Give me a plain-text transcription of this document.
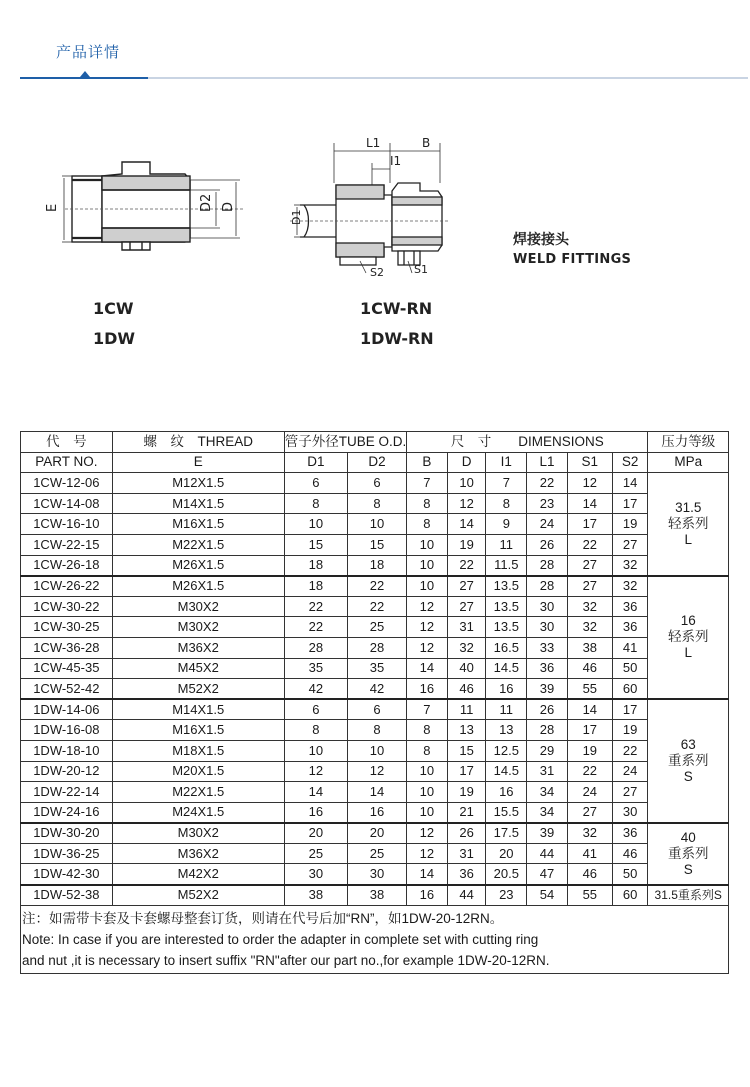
产品详情
E	D2 D
L1	B
I1
D1
S2	S1
1CW
1DW
1CW-RN
1DW-RN
焊接接头
WELD FITTINGS
代　号	螺　纹　THREAD	管子外径TUBE O.D.		尺　寸　　DIMENSIONS						压力等级
PART NO.	E	D1	D2	B	D	I1	L1	S1	S2	MPa
1CW-12-06	M12X1.5	6	6	7	10	7	22	12	14	31.5
轻系列
L

1CW-14-08	M14X1.5	8	8	8	12	8	23	14	17	
1CW-16-10	M16X1.5	10	10	8	14	9	24	17	19	
1CW-22-15	M22X1.5	15	15	10	19	11	26	22	27	
1CW-26-18	M26X1.5	18	18	10	22	11.5	28	27	32	
1CW-26-22	M26X1.5	18	22	10	27	13.5	28	27	32	16
轻系列
L

1CW-30-22	M30X2	22	22	12	27	13.5	30	32	36	
1CW-30-25	M30X2	22	25	12	31	13.5	30	32	36	
1CW-36-28	M36X2	28	28	12	32	16.5	33	38	41	
1CW-45-35	M45X2	35	35	14	40	14.5	36	46	50	
1CW-52-42	M52X2	42	42	16	46	16	39	55	60	
1DW-14-06	M14X1.5	6	6	7	11	11	26	14	17	63
重系列
S

1DW-16-08	M16X1.5	8	8	8	13	13	28	17	19	
1DW-18-10	M18X1.5	10	10	8	15	12.5	29	19	22	
1DW-20-12	M20X1.5	12	12	10	17	14.5	31	22	24	
1DW-22-14	M22X1.5	14	14	10	19	16	34	24	27	
1DW-24-16	M24X1.5	16	16	10	21	15.5	34	27	30	
1DW-30-20	M30X2	20	20	12	26	17.5	39	32	36	40
重系列
S

1DW-36-25	M36X2	25	25	12	31	20	44	41	46	
1DW-42-30	M42X2	30	30	14	36	20.5	47	46	50	
1DW-52-38	M52X2	38	38	16	44	23	54	55	60	31.5重系列S

注：如需带卡套及卡套螺母整套订货，则请在代号后加“RN”，如1DW-20-12RN。
Note: In case if you are interested to order the adapter in complete set with cutting ring
and nut ,it is necessary to insert suffix "RN"after our part no.,for example 1DW-20-12RN.										
